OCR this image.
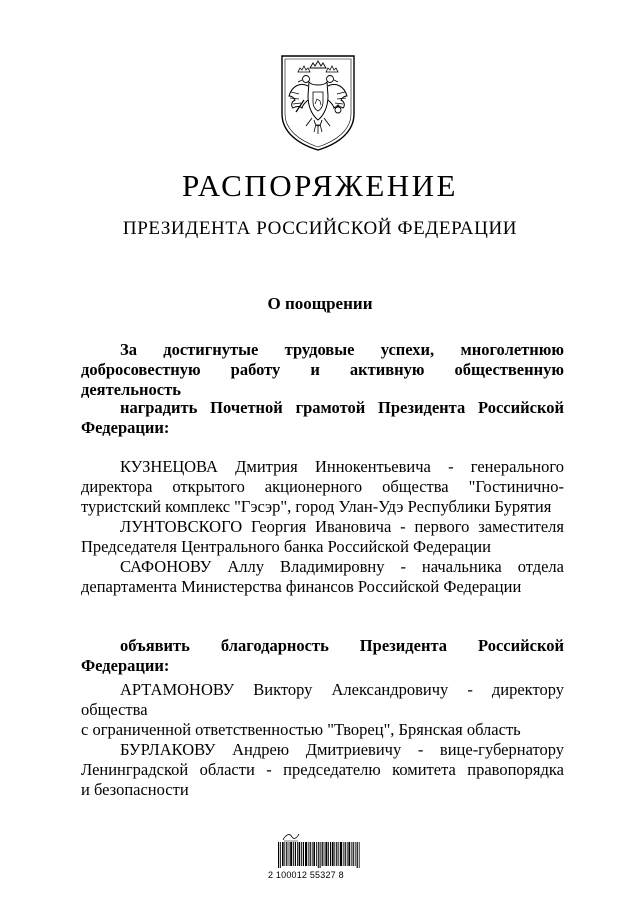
РАСПОРЯЖЕНИЕ
ПРЕЗИДЕНТА РОССИЙСКОЙ ФЕДЕРАЦИИ
О поощрении
За достигнутые трудовые успехи, многолетнюю
добросовестную работу и активную общественную деятельность
наградить Почетной грамотой Президента Российской
Федерации:
КУЗНЕЦОВА Дмитрия Иннокентьевича - генерального
директора открытого акционерного общества "Гостинично-
туристский комплекс "Гэсэр", город Улан-Удэ Республики Бурятия
ЛУНТОВСКОГО Георгия Ивановича - первого заместителя
Председателя Центрального банка Российской Федерации
САФОНОВУ Аллу Владимировну - начальника отдела
департамента Министерства финансов Российской Федерации
объявить благодарность Президента Российской Федерации:
АРТАМОНОВУ Виктору Александровичу - директору общества
с ограниченной ответственностью "Творец", Брянская область
БУРЛАКОВУ Андрею Дмитриевичу - вице-губернатору
Ленинградской области - председателю комитета правопорядка
и безопасности
2 100012 55327 8
